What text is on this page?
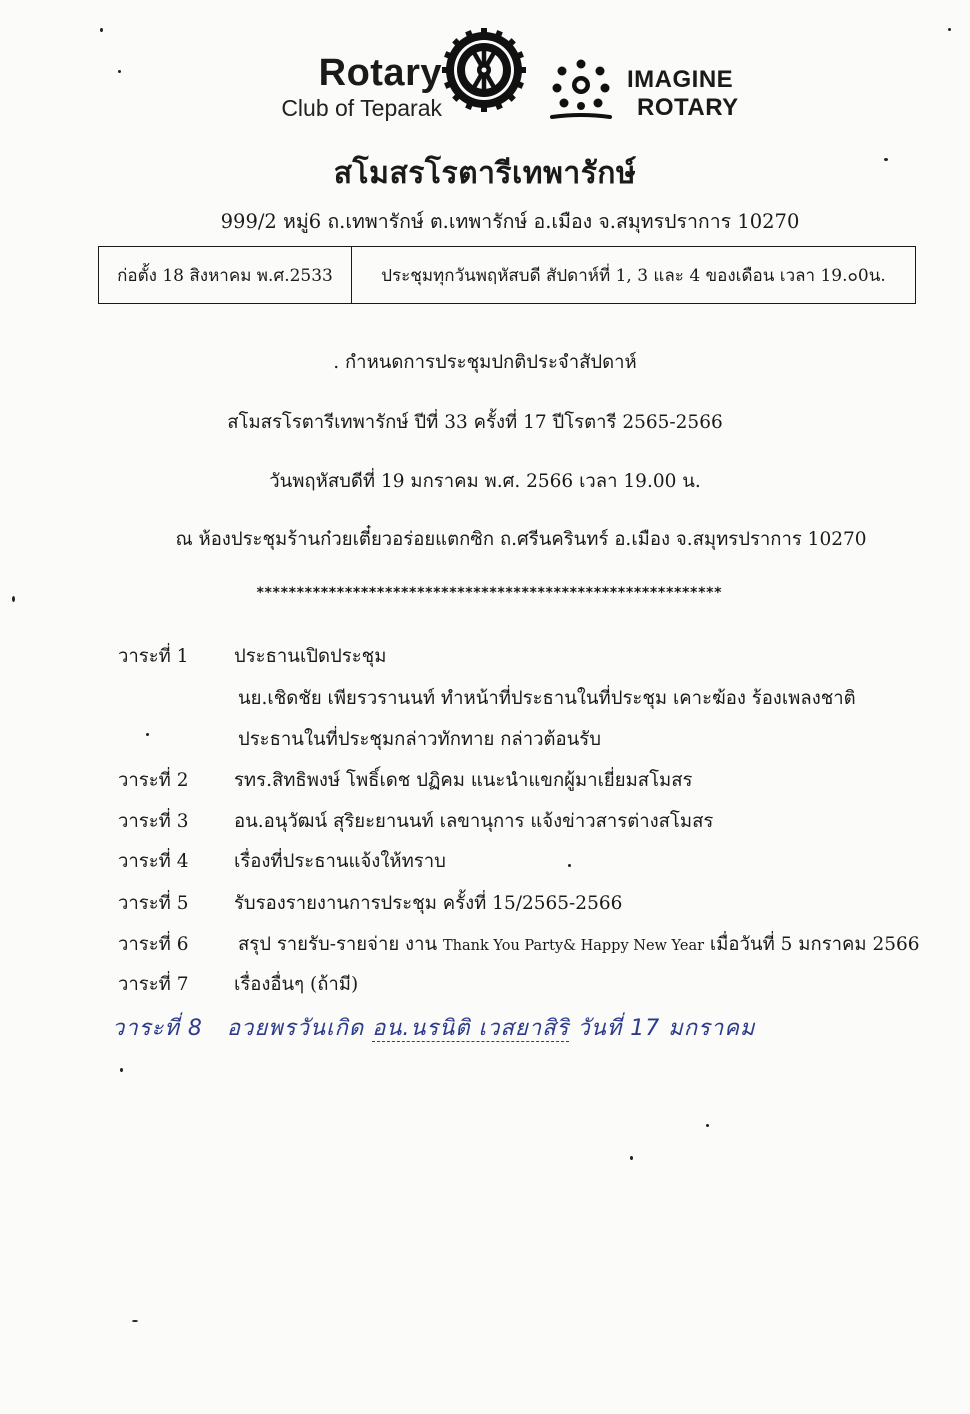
Rotary
Club of Teparak
IMAGINE
ROTARY
สโมสรโรตารีเทพารักษ์
999/2 หมู่6 ถ.เทพารักษ์ ต.เทพารักษ์ อ.เมือง จ.สมุทรปราการ 10270
ก่อตั้ง 18 สิงหาคม พ.ศ.2533	ประชุมทุกวันพฤหัสบดี สัปดาห์ที่ 1, 3 และ 4 ของเดือน เวลา 19.๐0น.
. กำหนดการประชุมปกติประจำสัปดาห์
สโมสรโรตารีเทพารักษ์ ปีที่ 33 ครั้งที่ 17 ปีโรตารี 2565-2566
วันพฤหัสบดีที่ 19 มกราคม พ.ศ. 2566 เวลา 19.00 น.
ณ ห้องประชุมร้านก๋วยเตี๋ยวอร่อยแตกซิก ถ.ศรีนครินทร์ อ.เมือง จ.สมุทรปราการ 10270
**********************************************************
วาระที่ 1 ประธานเปิดประชุม
นย.เชิดชัย เพียรวรานนท์ ทำหน้าที่ประธานในที่ประชุม เคาะฆ้อง ร้องเพลงชาติ
ประธานในที่ประชุมกล่าวทักทาย กล่าวต้อนรับ
วาระที่ 2 รทร.สิทธิพงษ์ โพธิ์เดช ปฏิคม แนะนำแขกผู้มาเยี่ยมสโมสร
วาระที่ 3 อน.อนุวัฒน์ สุริยะยานนท์ เลขานุการ แจ้งข่าวสารต่างสโมสร
วาระที่ 4 เรื่องที่ประธานแจ้งให้ทราบ
วาระที่ 5 รับรองรายงานการประชุม ครั้งที่ 15/2565-2566
วาระที่ 6	สรุป รายรับ-รายจ่าย งาน Thank You Party& Happy New Year เมื่อวันที่ 5 มกราคม 2566
วาระที่ 7 เรื่องอื่นๆ (ถ้ามี)
วาระที่ 8 อวยพรวันเกิด อน.นรนิติ เวสยาสิริ วันที่ 17 มกราคม
